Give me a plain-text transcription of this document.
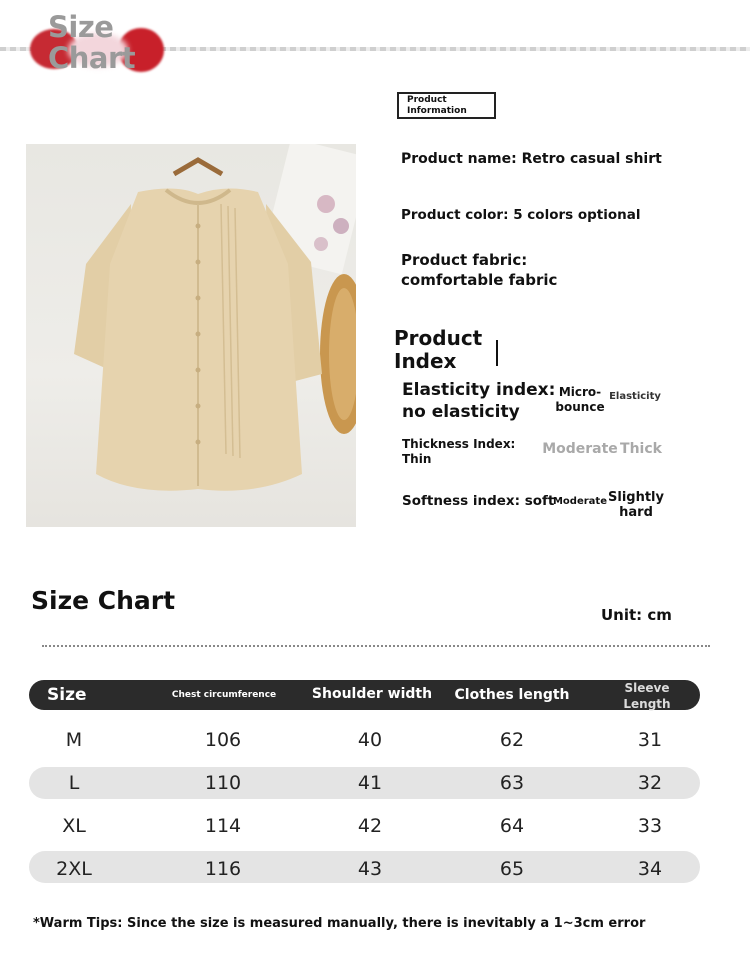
Size
Chart
Product
Information
Product name: Retro casual shirt
Product color: 5 colors optional
Product fabric:
comfortable fabric
Product
Index
Elasticity index:
no elasticity
Micro-
bounce
Elasticity
Thickness Index:
Thin
Moderate Thick
Softness index: soft
Moderate Slightly
hard
Size Chart	Unit: cm
Size	Chest circumference	Shoulder width	Clothes length	Sleeve
Length
M	106	40	62	31
L	110	41	63	32
XL	114	42	64	33
2XL	116	43	65	34
*Warm Tips: Since the size is measured manually, there is inevitably a 1~3cm error
